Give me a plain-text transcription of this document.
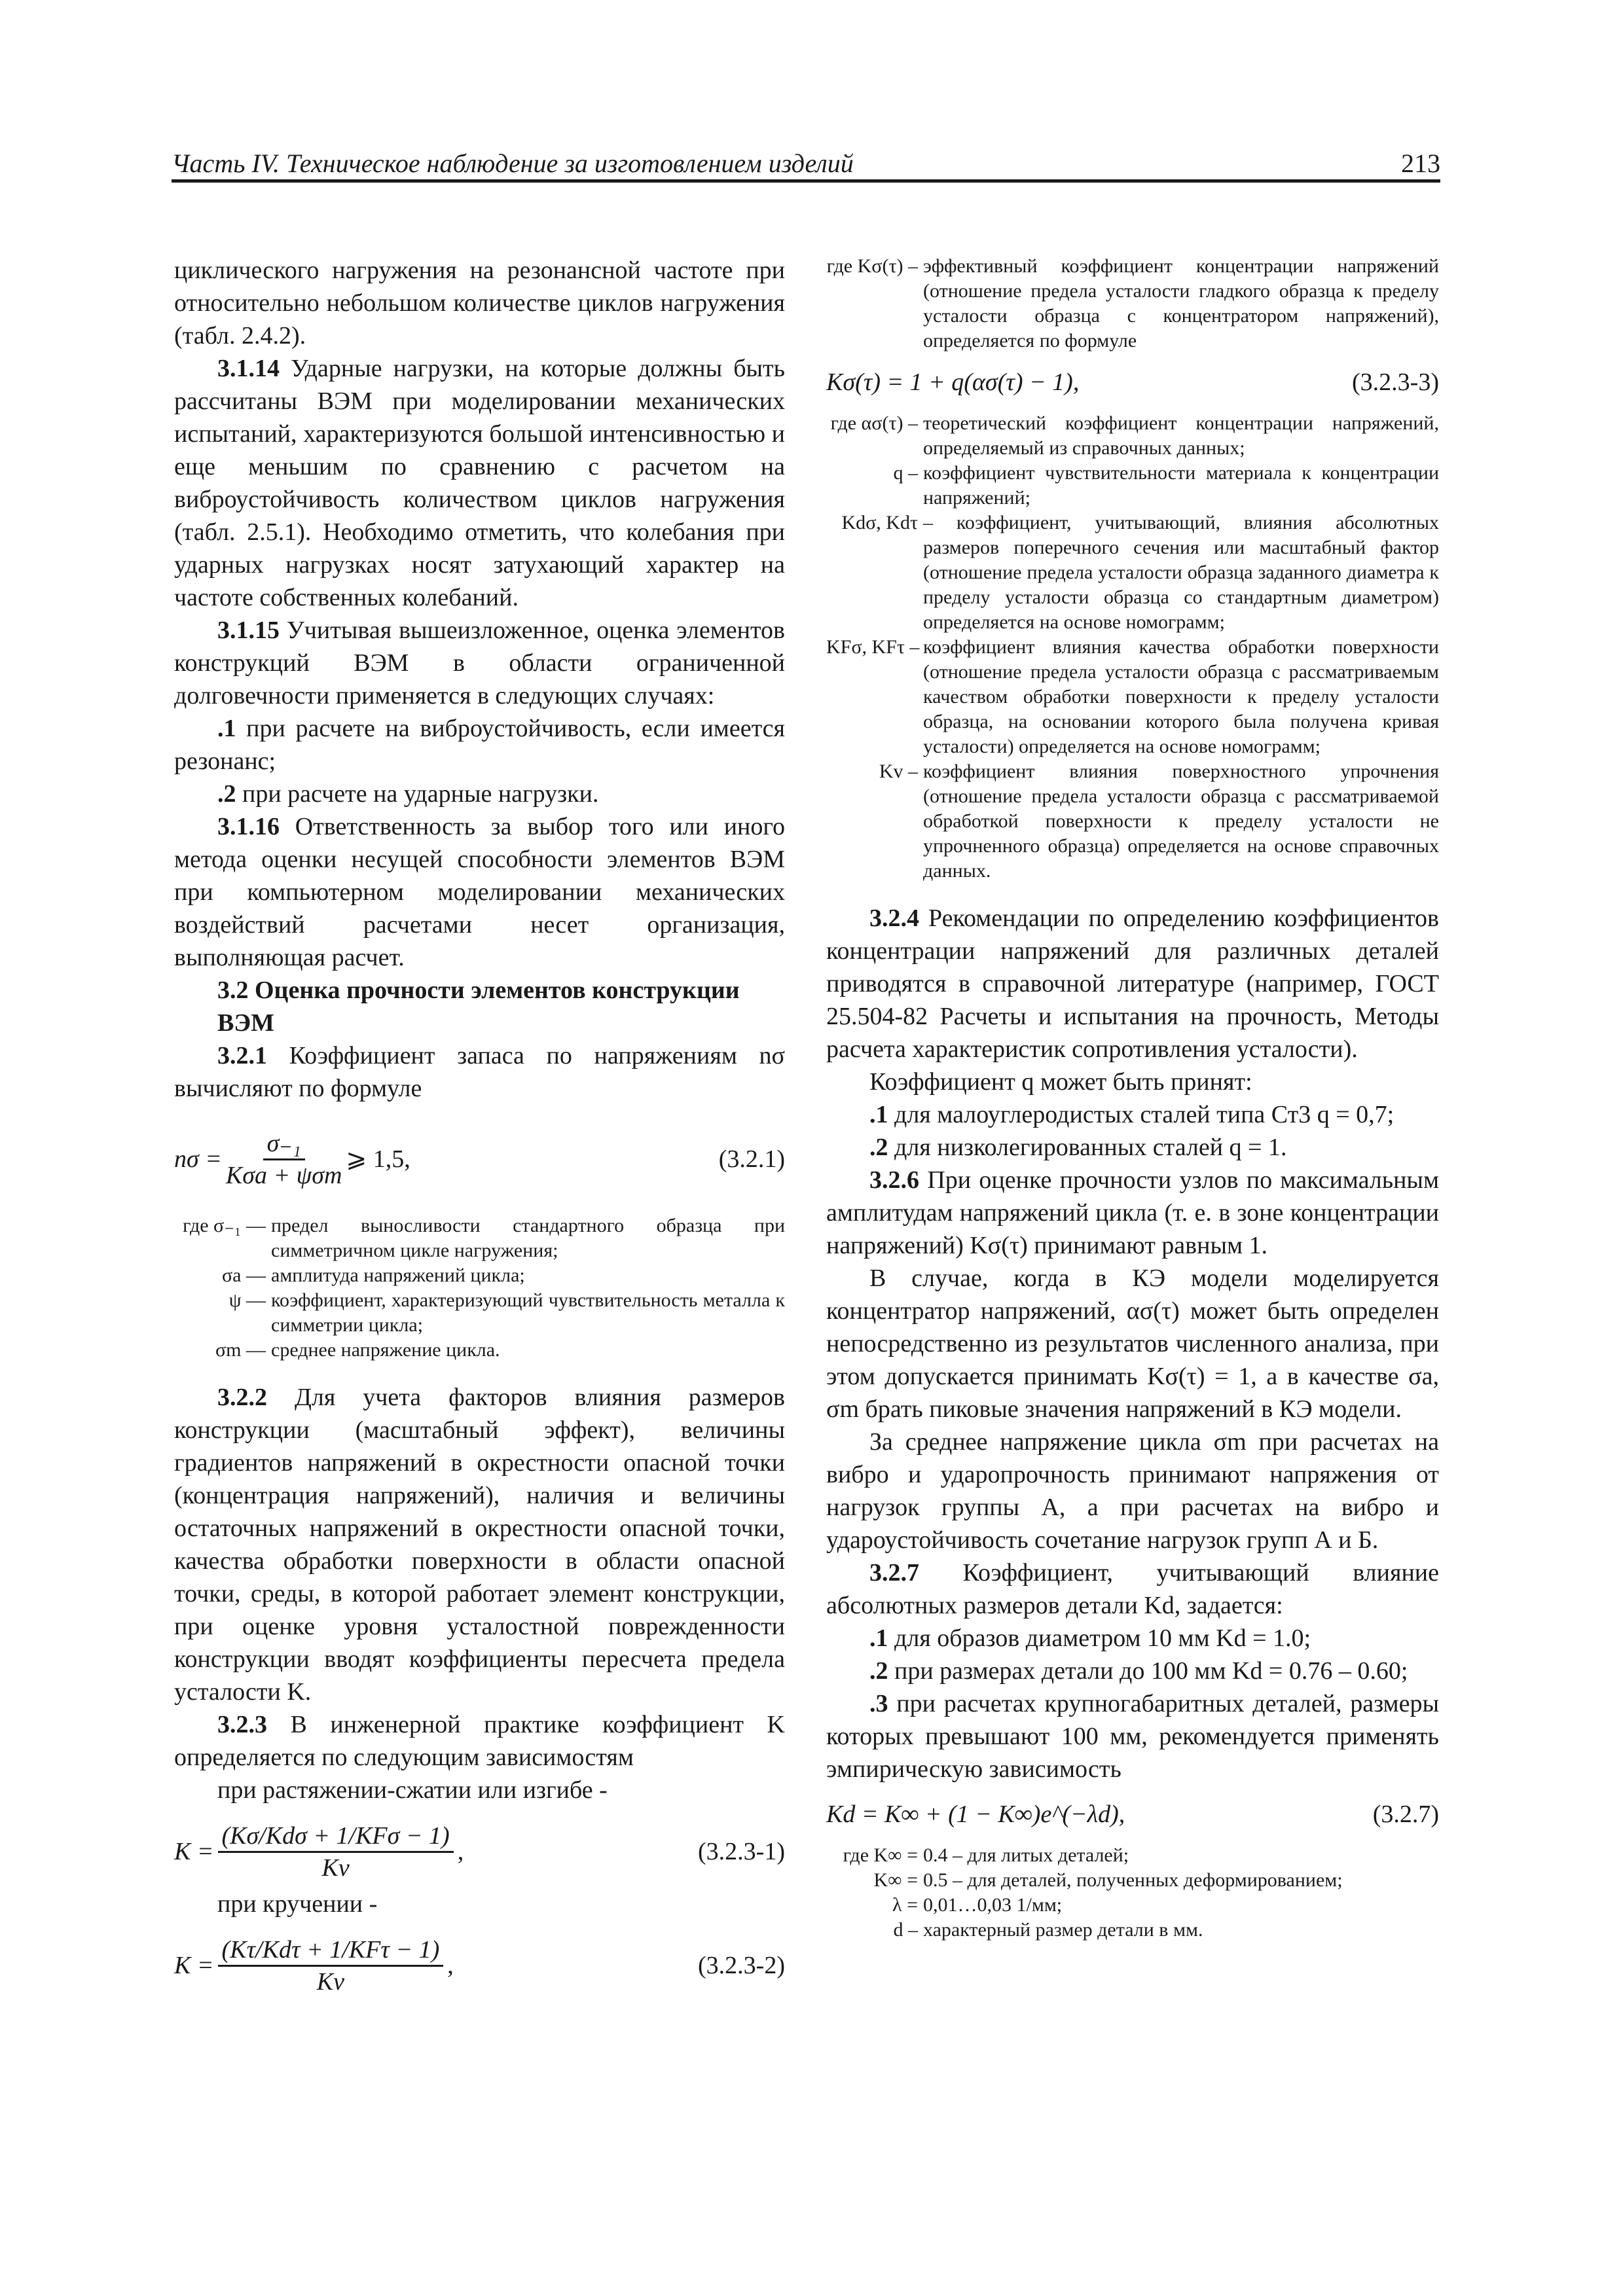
Часть IV. Техническое наблюдение за изготовлением изделий	213

циклического нагружения на резонансной частоте при относительно небольшом количестве циклов нагружения (табл. 2.4.2).

3.1.14 Ударные нагрузки, на которые должны быть рассчитаны ВЭМ при моделировании механических испытаний, характеризуются большой интенсивностью и еще меньшим по сравнению с расчетом на виброустойчивость количеством циклов нагружения (табл. 2.5.1). Необходимо отметить, что колебания при ударных нагрузках носят затухающий характер на частоте собственных колебаний.

3.1.15 Учитывая вышеизложенное, оценка элементов конструкций ВЭМ в области ограниченной долговечности применяется в следующих случаях:

.1 при расчете на виброустойчивость, если имеется резонанс;

.2 при расчете на ударные нагрузки.

3.1.16 Ответственность за выбор того или иного метода оценки несущей способности элементов ВЭМ при компьютерном моделировании механических воздействий расчетами несет организация, выполняющая расчет.

3.2 Оценка прочности элементов конструкции ВЭМ

3.2.1 Коэффициент запаса по напряжениям nσ вычисляют по формуле

$n\sigma = \frac{\text{σ₋₁}}{\text{Kσa + ψσm}}$ ⩾ 1,5,	(3.2.1)
где σ₋₁ — предел выносливости стандартного образца при симметричном цикле нагружения;
σa — амплитуда напряжений цикла;
ψ — коэффициент, характеризующий чувствительность металла к симметрии цикла;
σm — среднее напряжение цикла.

3.2.2 Для учета факторов влияния размеров конструкции (масштабный эффект), величины градиентов напряжений в окрестности опасной точки (концентрация напряжений), наличия и величины остаточных напряжений в окрестности опасной точки, качества обработки поверхности в области опасной точки, среды, в которой работает элемент конструкции, при оценке уровня усталостной поврежденности конструкции вводят коэффициенты пересчета предела усталости K.

3.2.3 В инженерной практике коэффициент K определяется по следующим зависимостям

при растяжении-сжатии или изгибе -

$K = \frac{\text{(Kσ/Kdσ + 1/KFσ − 1)}}{Kv}$ ,	(3.2.3-1)

при кручении -

$K = \frac{\text{(Kτ/Kdτ + 1/KFτ − 1)}}{Kv}$ ,	(3.2.3-2)
где Kσ(τ) – эффективный коэффициент концентрации напряжений (отношение предела усталости гладкого образца к пределу усталости образца с концентратором напряжений), определяется по формуле
Kσ(τ) = 1 + q(ασ(τ) − 1),	(3.2.3-3)
где ασ(τ) – теоретический коэффициент концентрации напряжений, определяемый из справочных данных;
q – коэффициент чувствительности материала к концентрации напряжений;
Kdσ, Kdτ – коэффициент, учитывающий, влияния абсолютных размеров поперечного сечения или масштабный фактор (отношение предела усталости образца заданного диаметра к пределу усталости образца со стандартным диаметром) определяется на основе номограмм;
KFσ, KFτ – коэффициент влияния качества обработки поверхности (отношение предела усталости образца с рассматриваемым качеством обработки поверхности к пределу усталости образца, на основании которого была получена кривая усталости) определяется на основе номограмм;
Kv – коэффициент влияния поверхностного упрочнения (отношение предела усталости образца с рассматриваемой обработкой поверхности к пределу усталости не упрочненного образца) определяется на основе справочных данных.

3.2.4 Рекомендации по определению коэффициентов концентрации напряжений для различных деталей приводятся в справочной литературе (например, ГОСТ 25.504-82 Расчеты и испытания на прочность, Методы расчета характеристик сопротивления усталости).

Коэффициент q может быть принят:

.1 для малоуглеродистых сталей типа Ст3 q = 0,7;

.2 для низколегированных сталей q = 1.

3.2.6 При оценке прочности узлов по максимальным амплитудам напряжений цикла (т. е. в зоне концентрации напряжений) Kσ(τ) принимают равным 1.

В случае, когда в КЭ модели моделируется концентратор напряжений, ασ(τ) может быть определен непосредственно из результатов численного анализа, при этом допускается принимать Kσ(τ) = 1, а в качестве σa, σm брать пиковые значения напряжений в КЭ модели.

За среднее напряжение цикла σm при расчетах на вибро и ударопрочность принимают напряжения от нагрузок группы А, а при расчетах на вибро и удароустойчивость сочетание нагрузок групп А и Б.

3.2.7 Коэффициент, учитывающий влияние абсолютных размеров детали Kd, задается:

.1 для образов диаметром 10 мм Kd = 1.0;

.2 при размерах детали до 100 мм Kd = 0.76 – 0.60;

.3 при расчетах крупногабаритных деталей, размеры которых превышают 100 мм, рекомендуется применять эмпирическую зависимость

Kd = K∞ + (1 − K∞)e^(−λd),	(3.2.7)
где K∞ = 0.4 – для литых деталей;
K∞ = 0.5 – для деталей, полученных деформированием;
λ = 0,01…0,03 1/мм;
d – характерный размер детали в мм.
